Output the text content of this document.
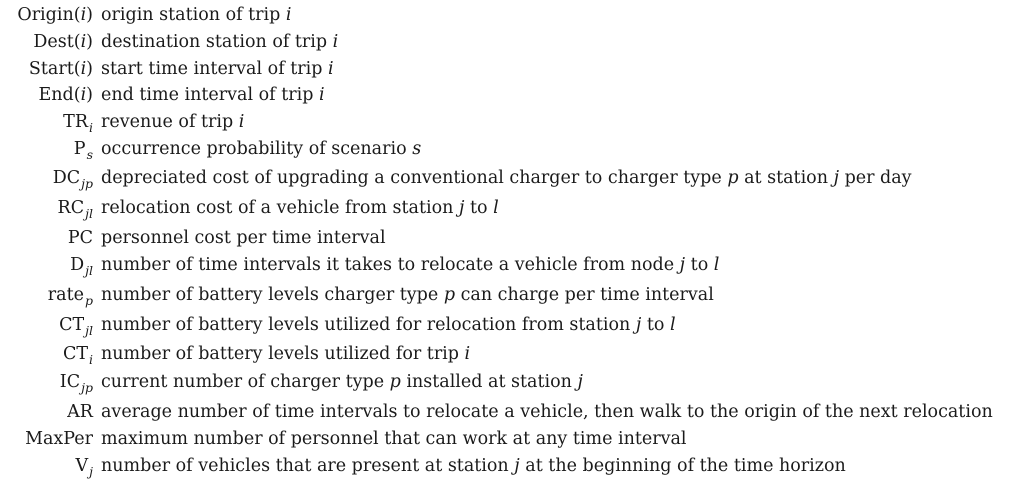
Origin(i) origin station of trip i
Dest(i) destination station of trip i
Start(i) start time interval of trip i
End(i) end time interval of trip i
$TR_i$ revenue of trip i
$P_s$ occurrence probability of scenario s
$DC_{jp}$ depreciated cost of upgrading a conventional charger to charger type p at station j per day
$RC_{jl}$ relocation cost of a vehicle from station j to l
PC personnel cost per time interval
$D_{jl}$ number of time intervals it takes to relocate a vehicle from node j to l
rate$_p$ number of battery levels charger type p can charge per time interval
$CT_{jl}$ number of battery levels utilized for relocation from station j to l
$CT_i$ number of battery levels utilized for trip i
$IC_{jp}$ current number of charger type p installed at station j
AR average number of time intervals to relocate a vehicle, then walk to the origin of the next relocation
MaxPer maximum number of personnel that can work at any time interval
$V_j$ number of vehicles that are present at station j at the beginning of the time horizon
